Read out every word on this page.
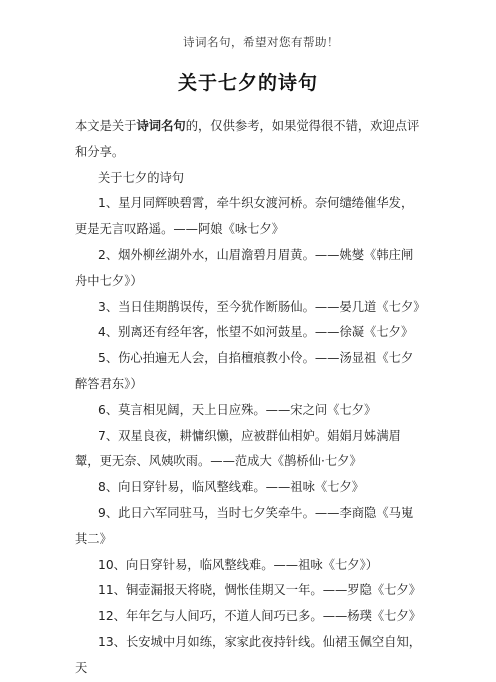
诗词名句，希望对您有帮助！
关于七夕的诗句

本文是关于诗词名句的，仅供参考，如果觉得很不错，欢迎点评和分享。

关于七夕的诗句

1、星月同辉映碧霄，牵牛织女渡河桥。奈何缱绻催华发，更是无言叹路遥。——阿娘《咏七夕》

2、烟外柳丝湖外水，山眉澹碧月眉黄。——姚燮《韩庄闸舟中七夕》）

3、当日佳期鹊误传，至今犹作断肠仙。——晏几道《七夕》

4、别离还有经年客，怅望不如河鼓星。——徐凝《七夕》

5、伤心拍遍无人会，自掐檀痕教小伶。——汤显祖《七夕醉答君东》）

6、莫言相见阔，天上日应殊。——宋之问《七夕》

7、双星良夜，耕慵织懒，应被群仙相妒。娟娟月姊满眉颦，更无奈、风姨吹雨。——范成大《鹊桥仙·七夕》

8、向日穿针易，临风整线难。——祖咏《七夕》

9、此日六军同驻马，当时七夕笑牵牛。——李商隐《马嵬其二》

10、向日穿针易，临风整线难。——祖咏《七夕》）

11、铜壶漏报天将晓，惆怅佳期又一年。——罗隐《七夕》

12、年年乞与人间巧，不道人间巧已多。——杨璞《七夕》

13、长安城中月如练，家家此夜持针线。仙裙玉佩空自知，天
